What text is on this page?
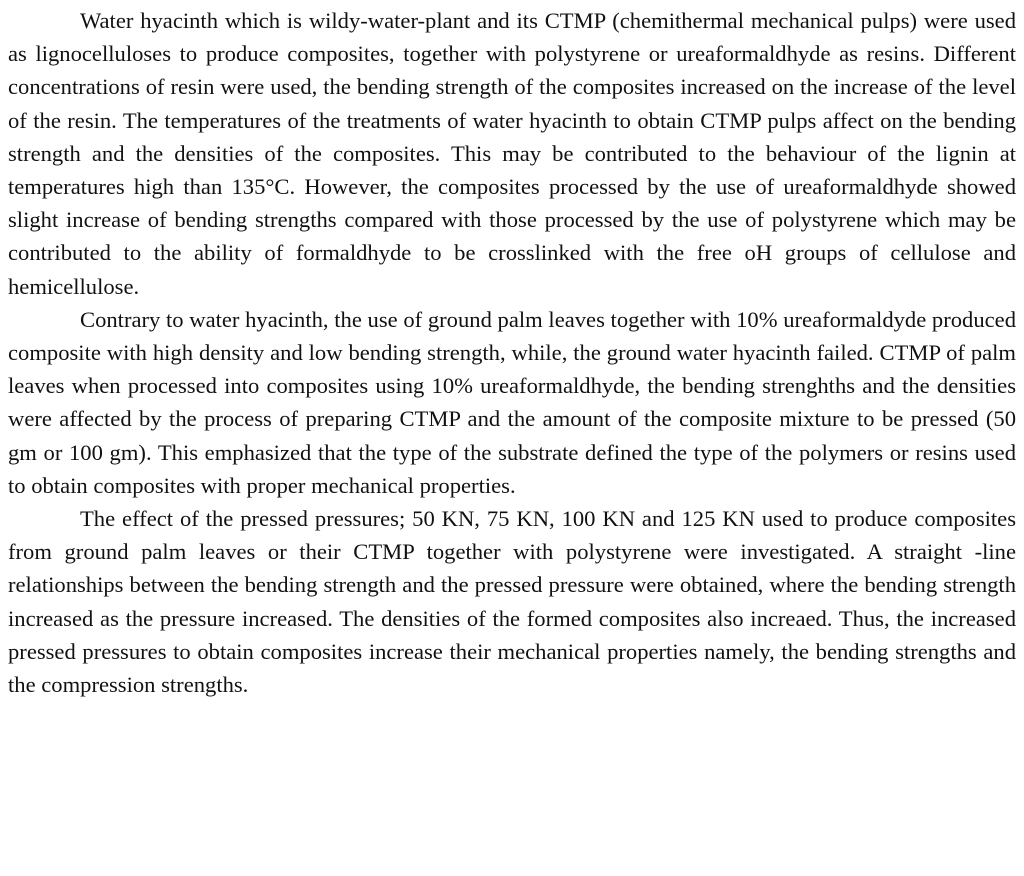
Water hyacinth which is wildy-water-plant and its CTMP (chemithermal mechanical pulps) were used as lignocelluloses to produce composites, together with polystyrene or ureaformaldhyde as resins. Different concentrations of resin were used, the bending strength of the composites increased on the increase of the level of the resin. The temperatures of the treatments of water hyacinth to obtain CTMP pulps affect on the bending strength and the densities of the composites. This may be contributed to the behaviour of the lignin at temperatures high than 135°C. However, the composites processed by the use of ureaformaldhyde showed slight increase of bending strengths compared with those processed by the use of polystyrene which may be contributed to the ability of formaldhyde to be crosslinked with the free oH groups of cellulose and hemicellulose.

Contrary to water hyacinth, the use of ground palm leaves together with 10% ureaformaldyde produced composite with high density and low bending strength, while, the ground water hyacinth failed. CTMP of palm leaves when processed into composites using 10% ureaformaldhyde, the bending strenghths and the densities were affected by the process of preparing CTMP and the amount of the composite mixture to be pressed (50 gm or 100 gm). This emphasized that the type of the substrate defined the type of the polymers or resins used to obtain composites with proper mechanical properties.

The effect of the pressed pressures; 50 KN, 75 KN, 100 KN and 125 KN used to produce composites from ground palm leaves or their CTMP together with polystyrene were investigated. A straight -line relationships between the bending strength and the pressed pressure were obtained, where the bending strength increased as the pressure increased. The densities of the formed composites also increaed. Thus, the increased pressed pressures to obtain composites increase their mechanical properties namely, the bending strengths and the compression strengths.
